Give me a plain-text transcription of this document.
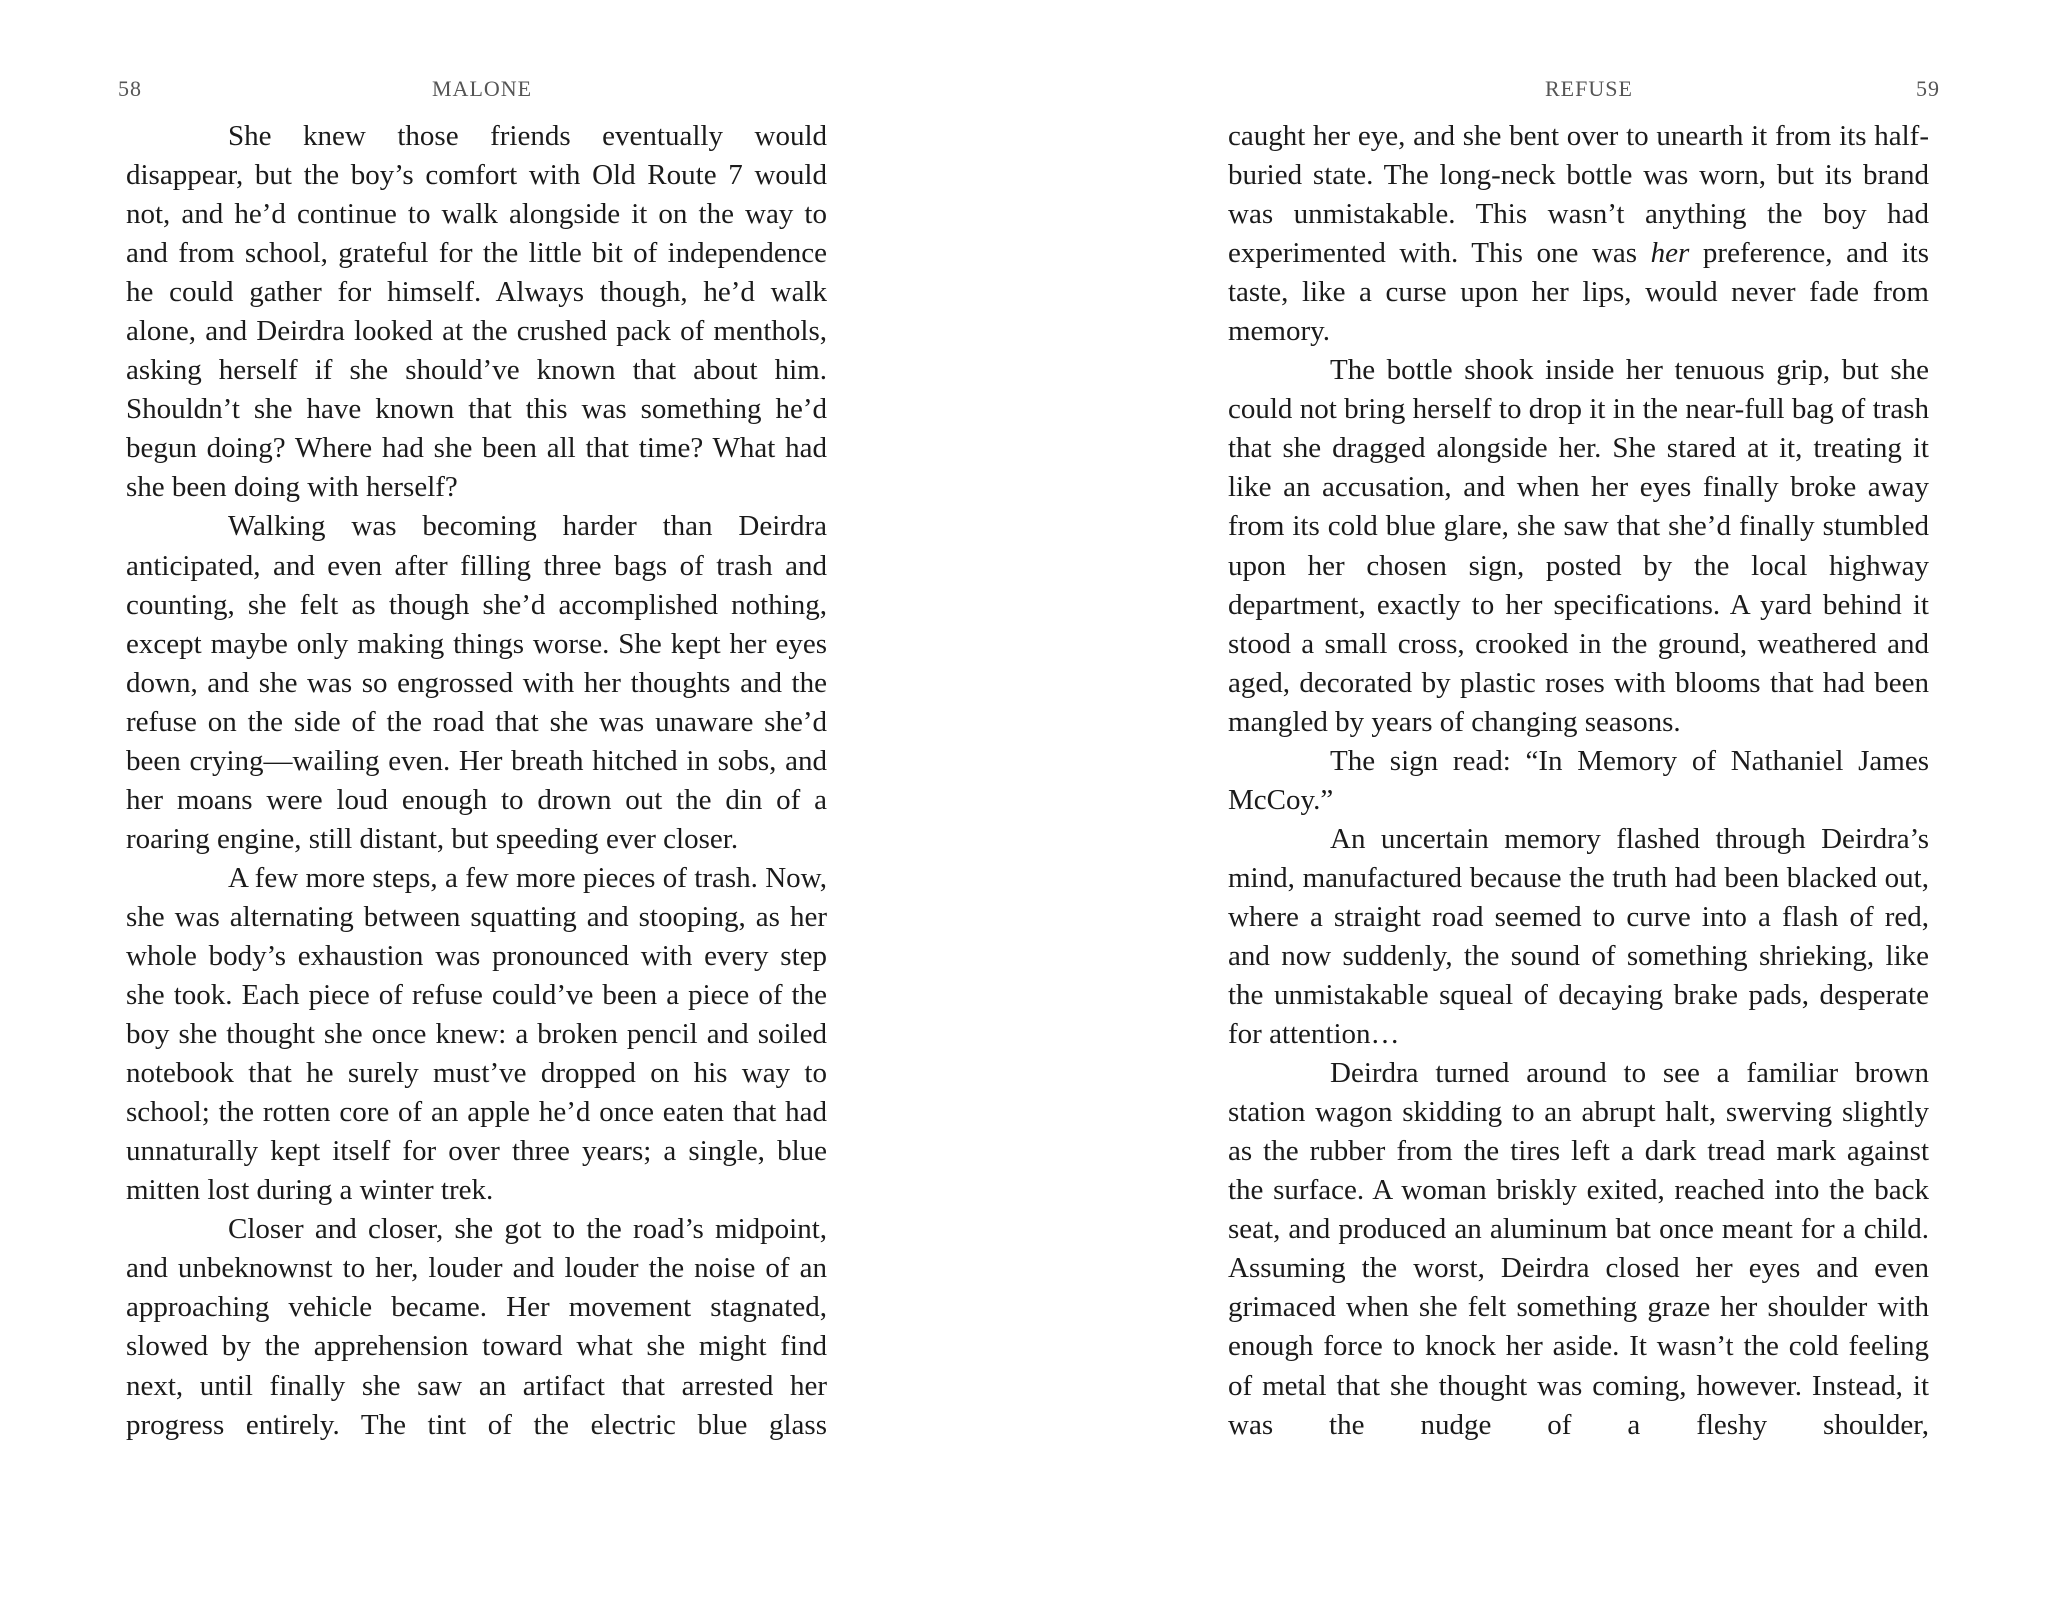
58	MALONE

She knew those friends eventually would disappear, but the boy’s comfort with Old Route 7 would not, and he’d continue to walk alongside it on the way to and from school, grateful for the little bit of independence he could gather for himself. Always though, he’d walk alone, and Deirdra looked at the crushed pack of menthols, asking herself if she should’ve known that about him. Shouldn’t she have known that this was something he’d begun doing? Where had she been all that time? What had she been doing with herself?

Walking was becoming harder than Deirdra anticipated, and even after filling three bags of trash and counting, she felt as though she’d accomplished nothing, except maybe only making things worse. She kept her eyes down, and she was so engrossed with her thoughts and the refuse on the side of the road that she was unaware she’d been crying—wailing even. Her breath hitched in sobs, and her moans were loud enough to drown out the din of a roaring engine, still distant, but speeding ever closer.

A few more steps, a few more pieces of trash. Now, she was alternating between squatting and stooping, as her whole body’s exhaustion was pronounced with every step she took. Each piece of refuse could’ve been a piece of the boy she thought she once knew: a broken pencil and soiled notebook that he surely must’ve dropped on his way to school; the rotten core of an apple he’d once eaten that had unnaturally kept itself for over three years; a single, blue mitten lost during a winter trek.

Closer and closer, she got to the road’s midpoint, and unbeknownst to her, louder and louder the noise of an approaching vehicle became. Her movement stagnated, slowed by the apprehension toward what she might find next, until finally she saw an artifact that arrested her progress entirely. The tint of the electric blue glass

REFUSE	59

caught her eye, and she bent over to unearth it from its half-buried state. The long-neck bottle was worn, but its brand was unmistakable. This wasn’t anything the boy had experimented with. This one was her preference, and its taste, like a curse upon her lips, would never fade from memory.

The bottle shook inside her tenuous grip, but she could not bring herself to drop it in the near-full bag of trash that she dragged alongside her. She stared at it, treating it like an accusation, and when her eyes finally broke away from its cold blue glare, she saw that she’d finally stumbled upon her chosen sign, posted by the local highway department, exactly to her specifications. A yard behind it stood a small cross, crooked in the ground, weathered and aged, decorated by plastic roses with blooms that had been mangled by years of changing seasons.

The sign read: “In Memory of Nathaniel James McCoy.”

An uncertain memory flashed through Deirdra’s mind, manufactured because the truth had been blacked out, where a straight road seemed to curve into a flash of red, and now suddenly, the sound of something shrieking, like the unmistakable squeal of decaying brake pads, desperate for attention…

Deirdra turned around to see a familiar brown station wagon skidding to an abrupt halt, swerving slightly as the rubber from the tires left a dark tread mark against the surface. A woman briskly exited, reached into the back seat, and produced an aluminum bat once meant for a child. Assuming the worst, Deirdra closed her eyes and even grimaced when she felt something graze her shoulder with enough force to knock her aside. It wasn’t the cold feeling of metal that she thought was coming, however. Instead, it was the nudge of a fleshy shoulder,
